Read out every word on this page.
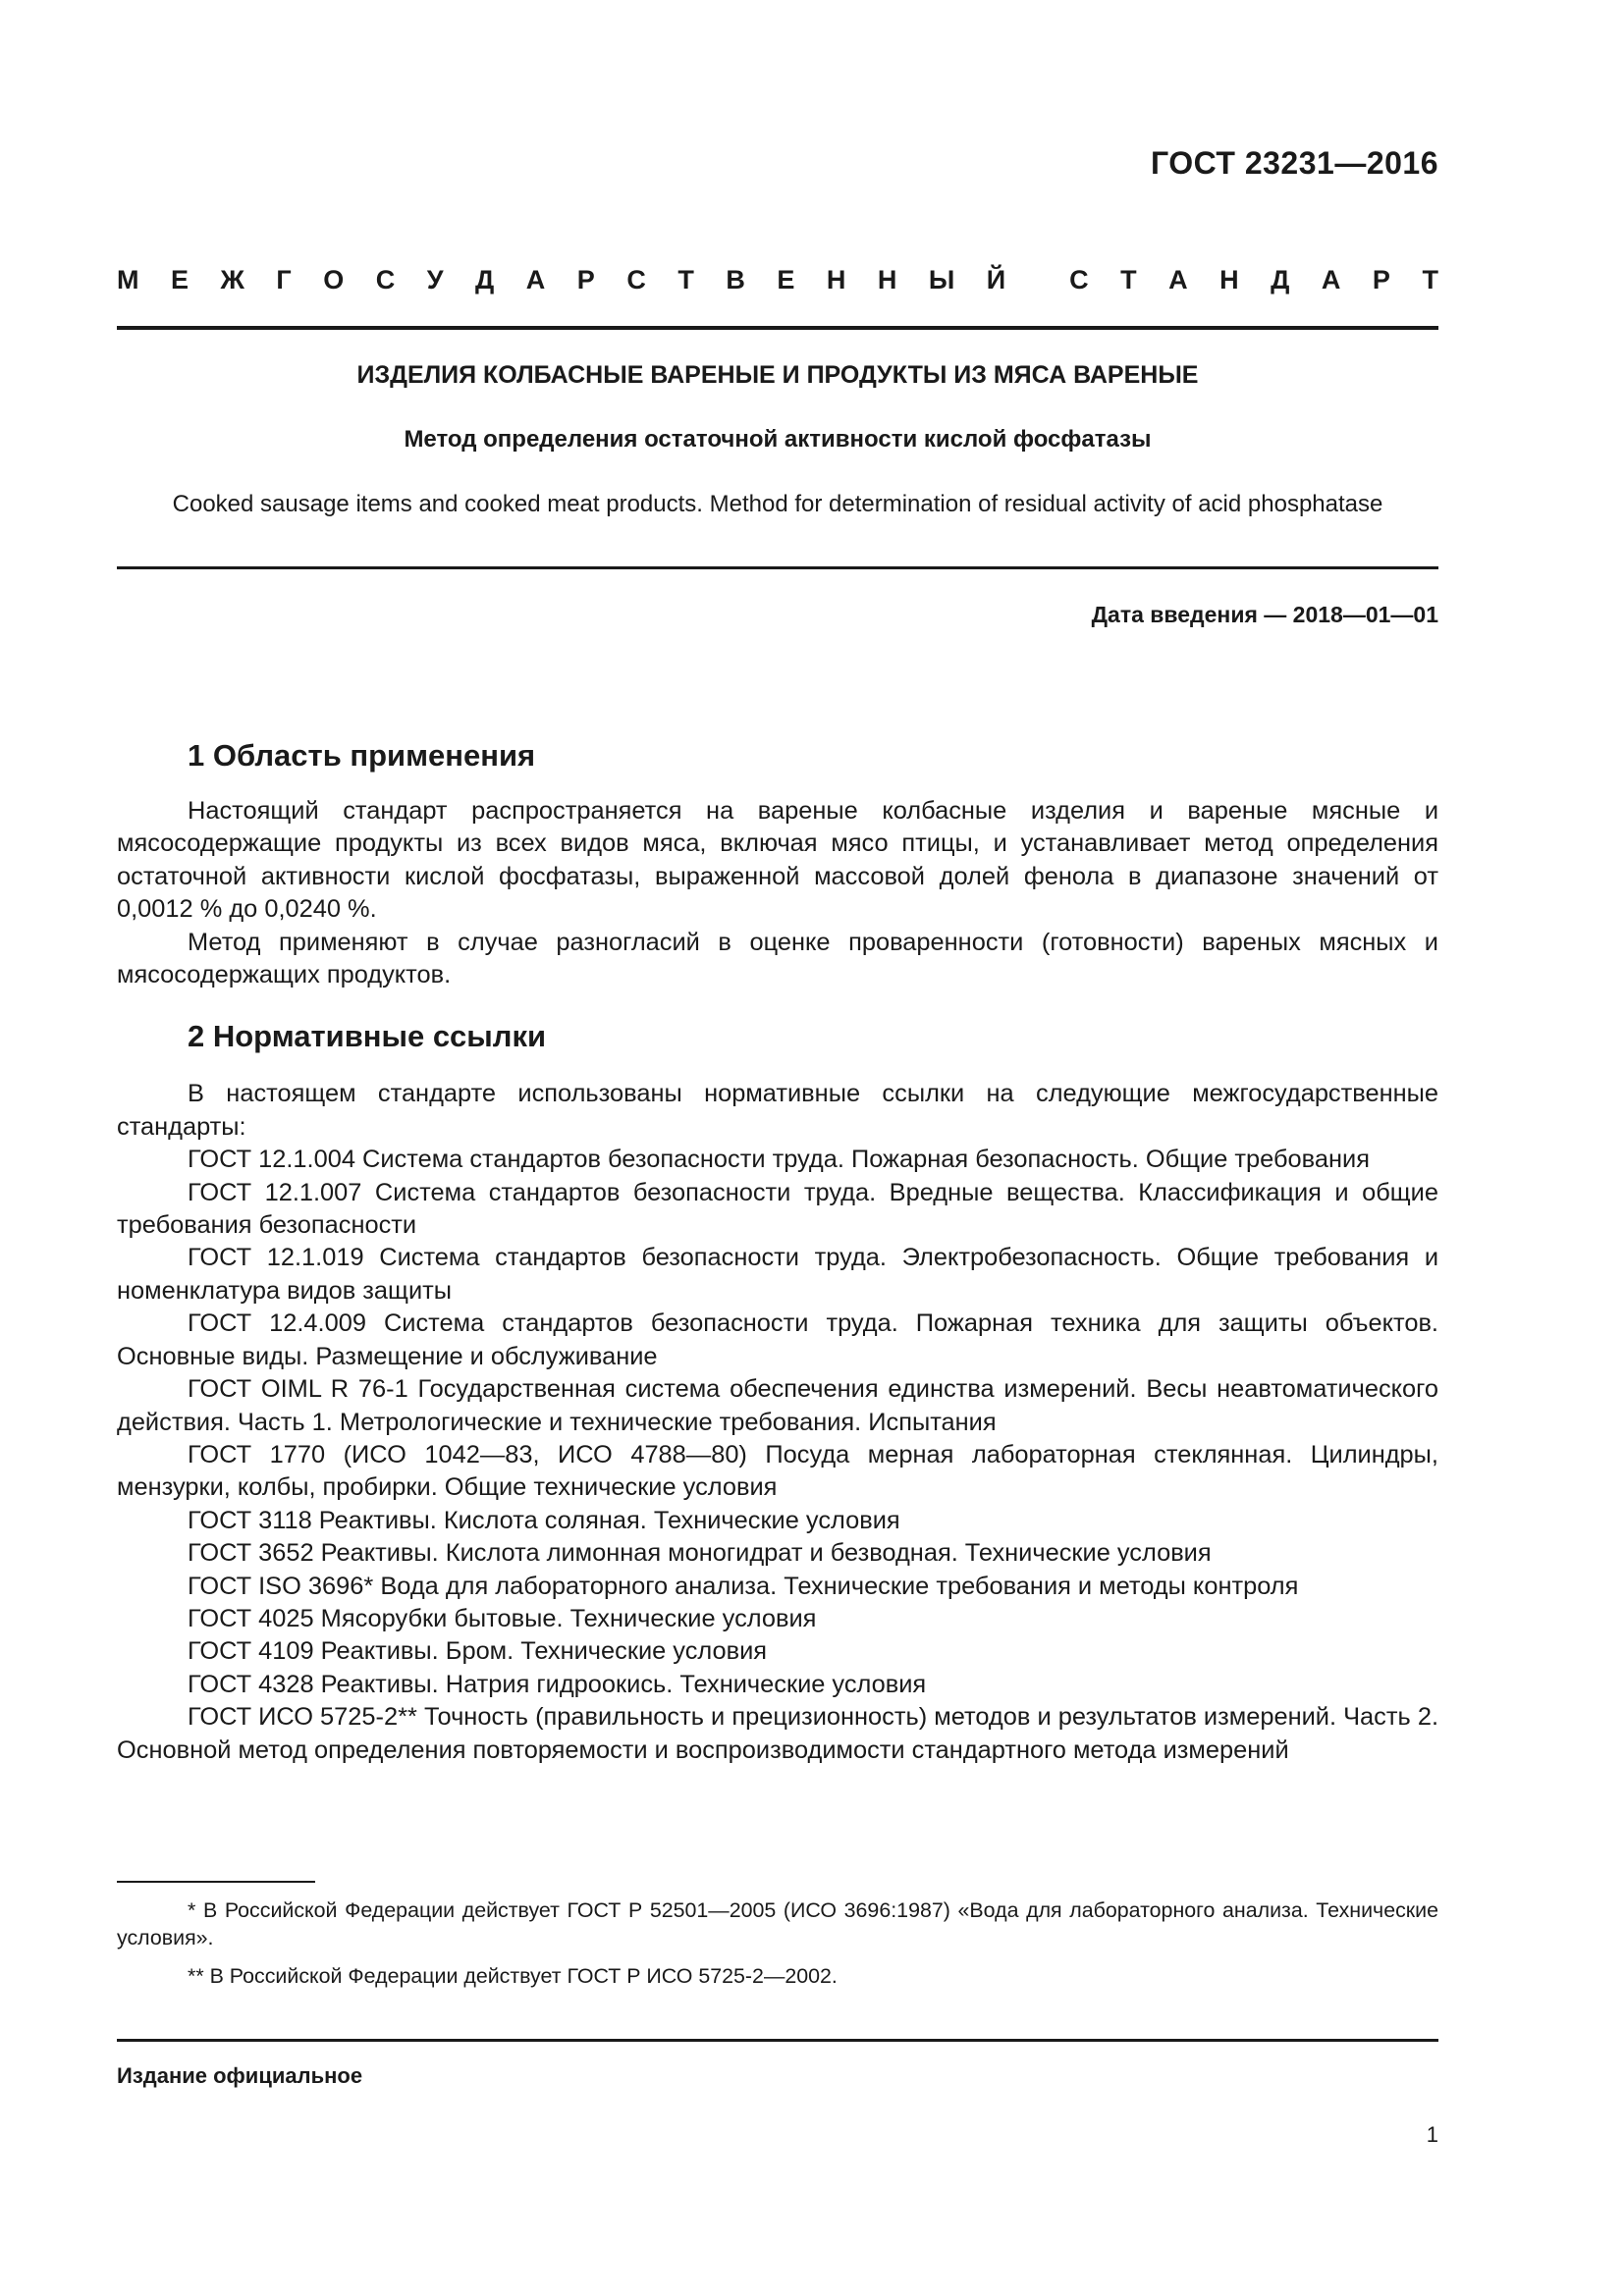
ГОСТ 23231—2016
М Е Ж Г О С У Д А Р С Т В Е Н Н Ы Й С Т А Н Д А Р Т
ИЗДЕЛИЯ КОЛБАСНЫЕ ВАРЕНЫЕ И ПРОДУКТЫ ИЗ МЯСА ВАРЕНЫЕ
Метод определения остаточной активности кислой фосфатазы
Cooked sausage items and cooked meat products. Method for determination of residual activity of acid phosphatase
Дата введения — 2018—01—01
1 Область применения

Настоящий стандарт распространяется на вареные колбасные изделия и вареные мясные и мясосодержащие продукты из всех видов мяса, включая мясо птицы, и устанавливает метод определения остаточной активности кислой фосфатазы, выраженной массовой долей фенола в диапазоне значений от 0,0012 % до 0,0240 %.

Метод применяют в случае разногласий в оценке проваренности (готовности) вареных мясных и мясосодержащих продуктов.

2 Нормативные ссылки

В настоящем стандарте использованы нормативные ссылки на следующие межгосударственные стандарты:

ГОСТ 12.1.004 Система стандартов безопасности труда. Пожарная безопасность. Общие требования

ГОСТ 12.1.007 Система стандартов безопасности труда. Вредные вещества. Классификация и общие требования безопасности

ГОСТ 12.1.019 Система стандартов безопасности труда. Электробезопасность. Общие требования и номенклатура видов защиты

ГОСТ 12.4.009 Система стандартов безопасности труда. Пожарная техника для защиты объектов. Основные виды. Размещение и обслуживание

ГОСТ OIML R 76-1 Государственная система обеспечения единства измерений. Весы неавтоматического действия. Часть 1. Метрологические и технические требования. Испытания

ГОСТ 1770 (ИСО 1042—83, ИСО 4788—80) Посуда мерная лабораторная стеклянная. Цилиндры, мензурки, колбы, пробирки. Общие технические условия

ГОСТ 3118 Реактивы. Кислота соляная. Технические условия

ГОСТ 3652 Реактивы. Кислота лимонная моногидрат и безводная. Технические условия

ГОСТ ISO 3696* Вода для лабораторного анализа. Технические требования и методы контроля

ГОСТ 4025 Мясорубки бытовые. Технические условия

ГОСТ 4109 Реактивы. Бром. Технические условия

ГОСТ 4328 Реактивы. Натрия гидроокись. Технические условия

ГОСТ ИСО 5725-2** Точность (правильность и прецизионность) методов и результатов измерений. Часть 2. Основной метод определения повторяемости и воспроизводимости стандартного метода измерений

* В Российской Федерации действует ГОСТ Р 52501—2005 (ИСО 3696:1987) «Вода для лабораторного анализа. Технические условия».

** В Российской Федерации действует ГОСТ Р ИСО 5725-2—2002.

Издание официальное
1
